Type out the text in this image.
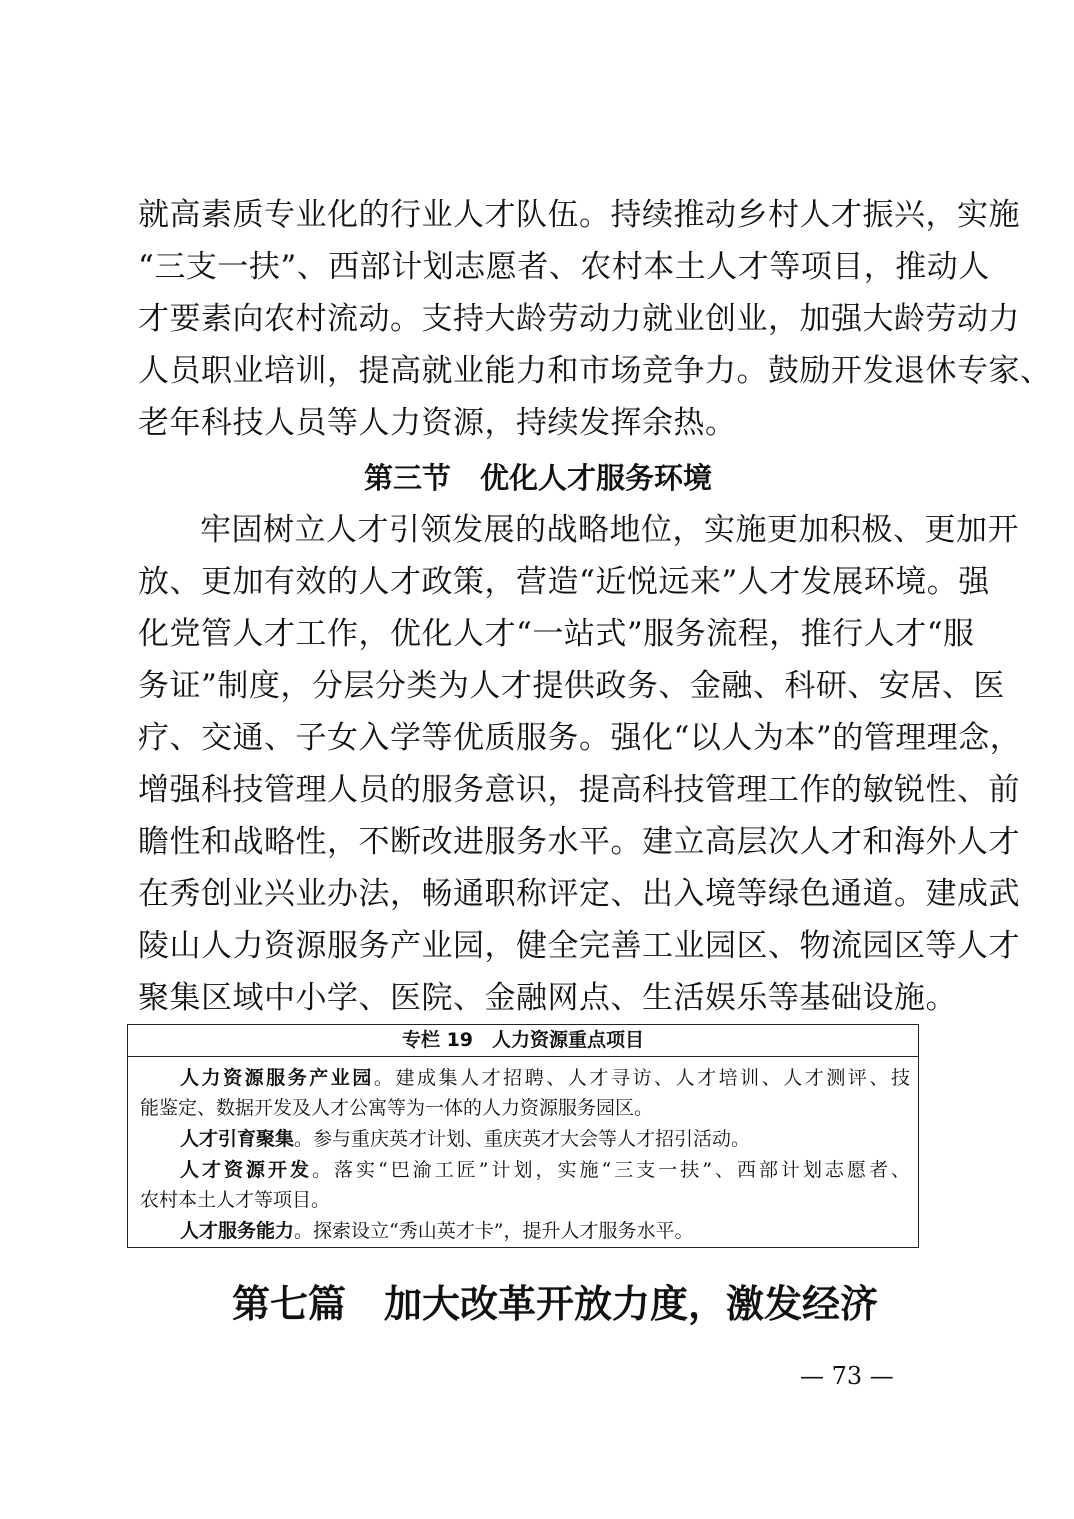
就高素质专业化的行业人才队伍。持续推动乡村人才振兴，实施
“三支一扶”、西部计划志愿者、农村本土人才等项目，推动人
才要素向农村流动。支持大龄劳动力就业创业，加强大龄劳动力
人员职业培训，提高就业能力和市场竞争力。鼓励开发退休专家、
老年科技人员等人力资源，持续发挥余热。
第三节　优化人才服务环境
牢固树立人才引领发展的战略地位，实施更加积极、更加开
放、更加有效的人才政策，营造“近悦远来”人才发展环境。强
化党管人才工作，优化人才“一站式”服务流程，推行人才“服
务证”制度，分层分类为人才提供政务、金融、科研、安居、医
疗、交通、子女入学等优质服务。强化“以人为本”的管理理念，
增强科技管理人员的服务意识，提高科技管理工作的敏锐性、前
瞻性和战略性，不断改进服务水平。建立高层次人才和海外人才
在秀创业兴业办法，畅通职称评定、出入境等绿色通道。建成武
陵山人力资源服务产业园，健全完善工业园区、物流园区等人才
聚集区域中小学、医院、金融网点、生活娱乐等基础设施。
专栏 19　人力资源重点项目
人力资源服务产业园。建成集人才招聘、人才寻访、人才培训、人才测评、技
能鉴定、数据开发及人才公寓等为一体的人力资源服务园区。
人才引育聚集。参与重庆英才计划、重庆英才大会等人才招引活动。
人才资源开发。落实“巴渝工匠”计划，实施“三支一扶”、西部计划志愿者、
农村本土人才等项目。
人才服务能力。探索设立“秀山英才卡”，提升人才服务水平。
第七篇　加大改革开放力度，激发经济
— 73 —
